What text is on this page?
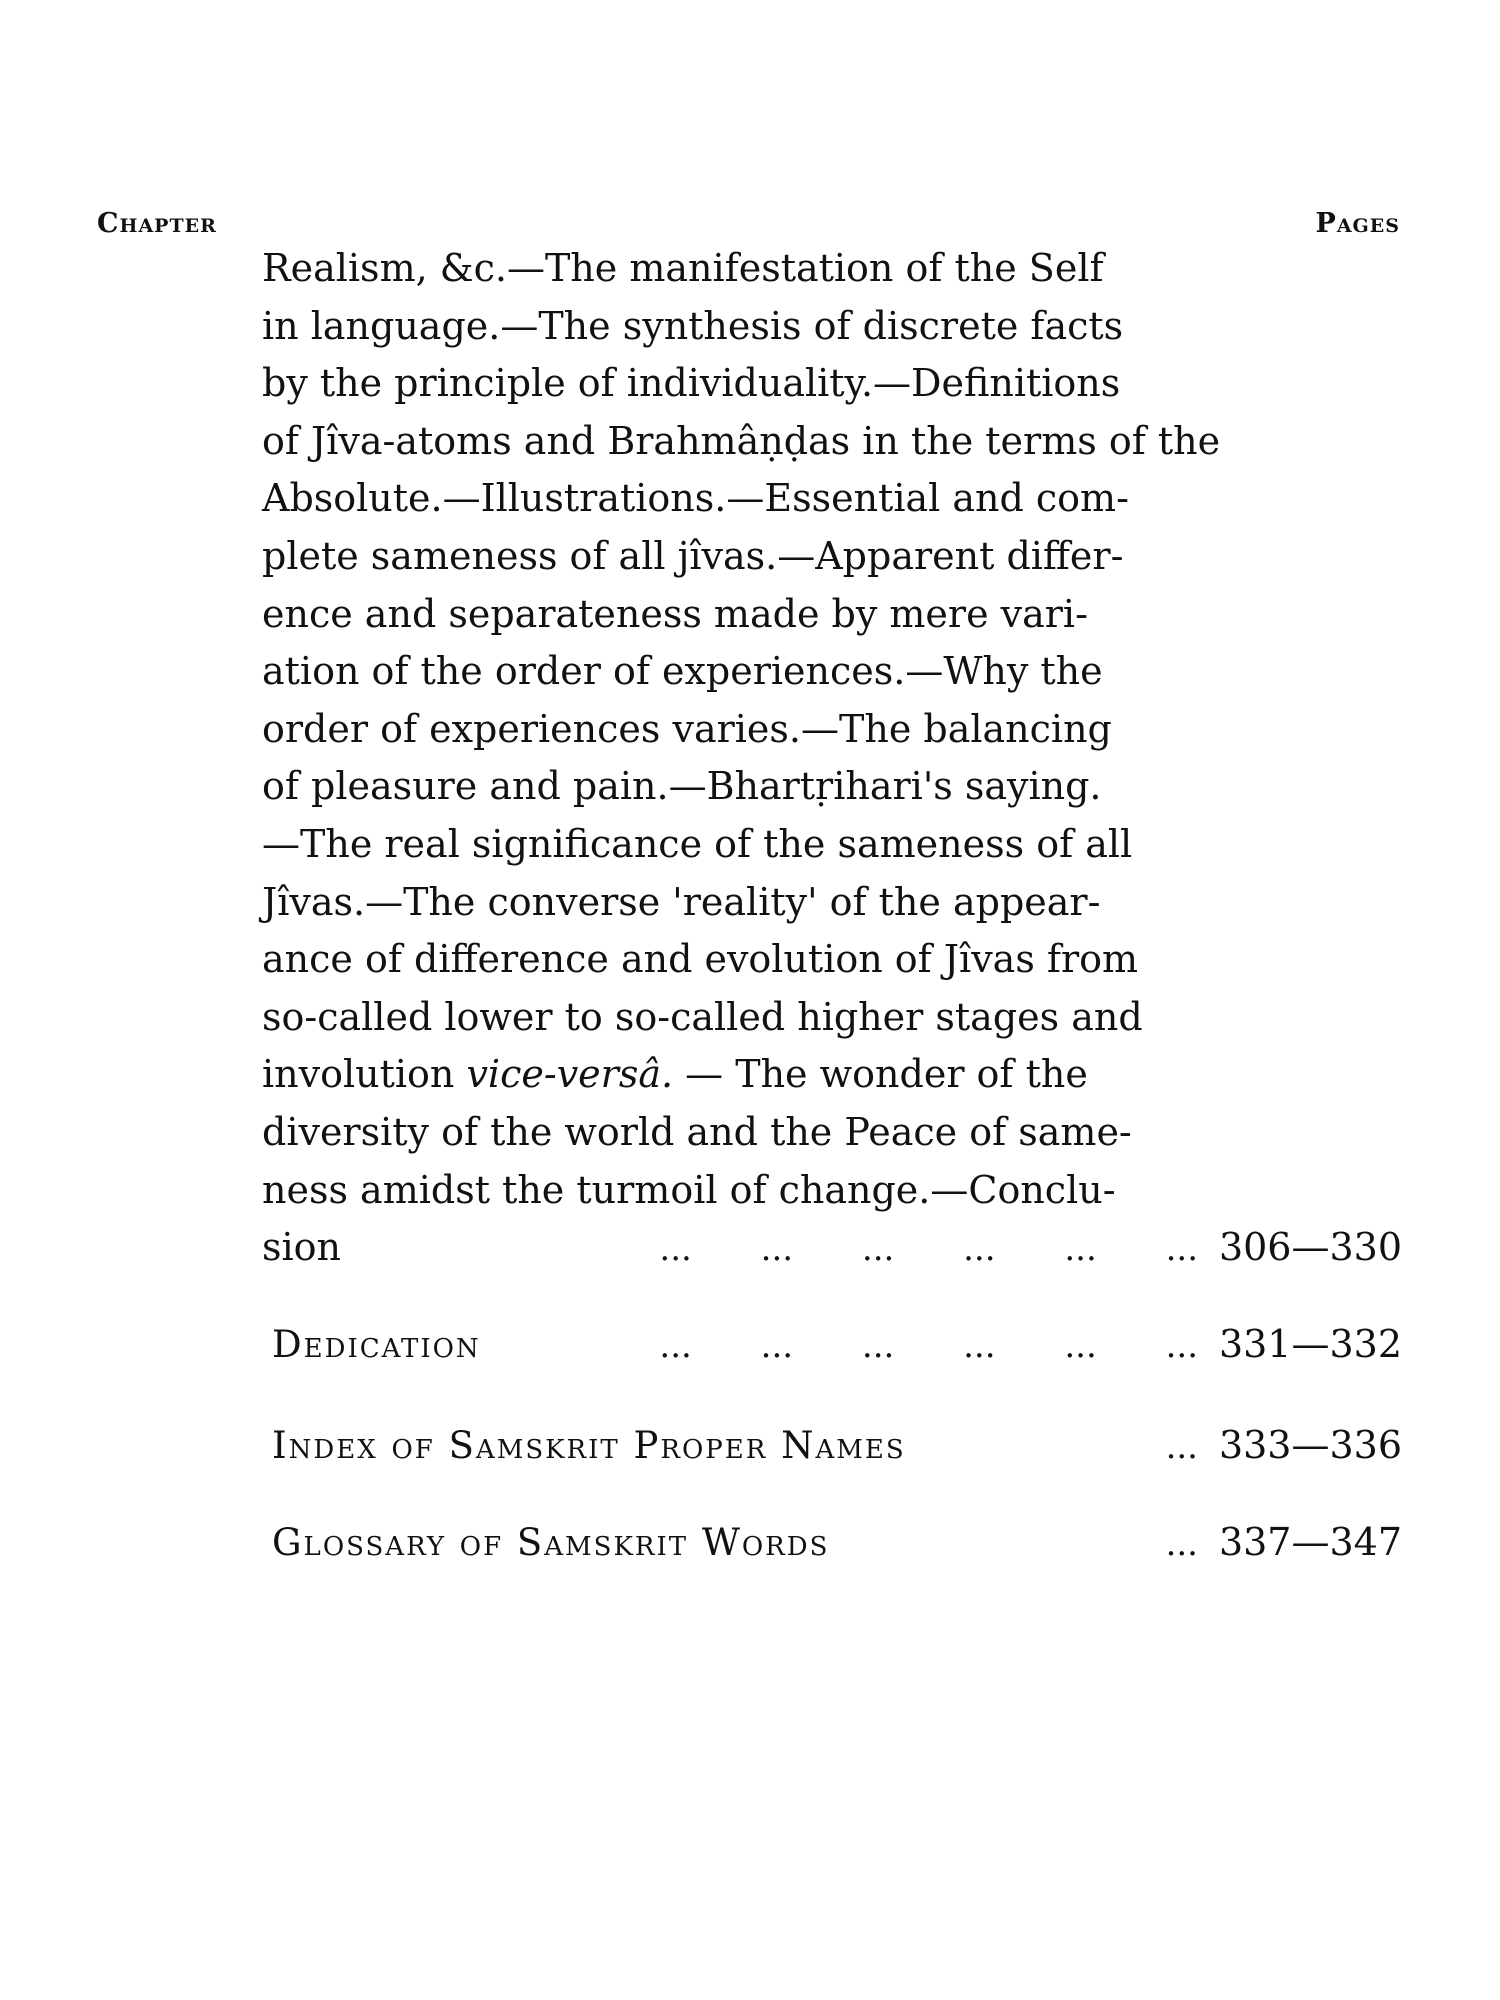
Chapter	Pages
Realism, &c.—The manifestation of the Self
in language.—The synthesis of discrete facts
by the principle of individuality.—Definitions
of Jîva-atoms and Brahmâṇḍas in the terms of the
Absolute.—Illustrations.—Essential and com-
plete sameness of all jîvas.—Apparent differ-
ence and separateness made by mere vari-
ation of the order of experiences.—Why the
order of experiences varies.—The balancing
of pleasure and pain.—Bhartṛihari's saying.
—The real significance of the sameness of all
Jîvas.—The converse 'reality' of the appear-
ance of difference and evolution of Jîvas from
so-called lower to so-called higher stages and
involution vice-versâ. — The wonder of the
diversity of the world and the Peace of same-
ness amidst the turmoil of change.—Conclu-
sion	... ... ... ... ... ... 306—330
Dedication	... ... ... ... ... ... 331—332
Index of Samskrit Proper Names	... 333—336
Glossary of Samskrit Words	... 337—347
